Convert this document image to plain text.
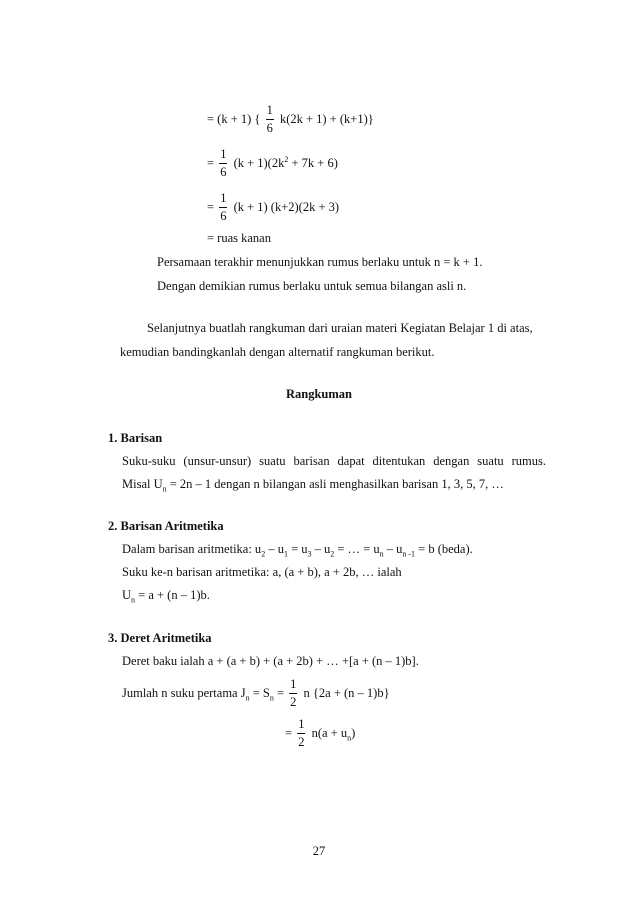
= (k + 1) { $\frac{1}{6} k(2k + 1) + (k+1)$}
= $\frac{1}{6} (k + 1)(2k^2 + 7k + 6)$
= $\frac{1}{6} (k + 1) (k+2)(2k + 3)$
= ruas kanan
Persamaan terakhir menunjukkan rumus berlaku untuk n = k + 1.
Dengan demikian rumus berlaku untuk semua bilangan asli n.
Selanjutnya buatlah rangkuman dari uraian materi Kegiatan Belajar 1 di atas,
kemudian bandingkanlah dengan alternatif rangkuman berikut.
Rangkuman
1. Barisan
Suku-suku (unsur-unsur) suatu barisan dapat ditentukan dengan suatu rumus.
Misal $U_n = 2n - 1$ dengan n bilangan asli menghasilkan barisan 1, 3, 5, 7, …
2. Barisan Aritmetika
Dalam barisan aritmetika: $u_2 - u_1 = u_3 - u_2$ = … = $u_n - u_{n -1} = b$ (beda).
Suku ke-n barisan aritmetika: a, (a + b), a + 2b, … ialah
$U_n = a + (n - 1)b$.
3. Deret Aritmetika
Deret baku ialah a + (a + b) + (a + 2b) + … +[a + (n – 1)b].
Jumlah n suku pertama $J_n = S_n = \frac{1}{2}$ n {2a + (n – 1)b}
= $\frac{1}{2} n(a + u_n)$
27
